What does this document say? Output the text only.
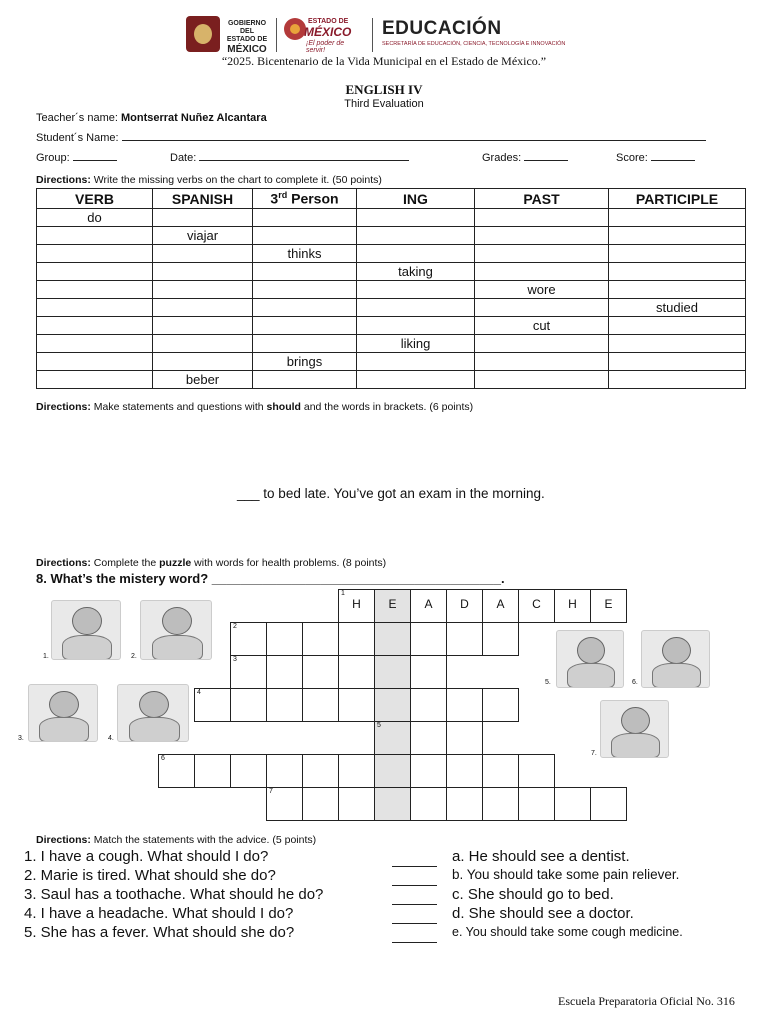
GOBIERNO DEL
ESTADO DE
MÉXICO
ESTADO DE
MÉXICO
¡El poder de servir!
EDUCACIÓN
SECRETARÍA DE EDUCACIÓN, CIENCIA, TECNOLOGÍA E INNOVACIÓN
“2025. Bicentenario de la Vida Municipal en el Estado de México.”
ENGLISH IV
Third Evaluation
Teacher´s name: Montserrat Nuñez Alcantara
Student´s Name:
Group:	Date:	Grades:	Score:
Directions: Write the missing verbs on the chart to complete it. (50 points)
VERB	SPANISH	3rd Person	ING	PAST	PARTICIPLE
do					
	viajar				
		thinks			
			taking		
				wore	
					studied
				cut	
			liking		
		brings			
	beber				
Directions: Make statements and questions with should and the words in brackets. (6 points)
___ to bed late. You’ve got an exam in the morning.
Directions: Complete the puzzle with words for health problems. (8 points)
8. What’s the mistery word? ________________________________________.
1
H	E	A	D	A	C	H	E
2
3
4
5
6
7
1.	2.
3.	4.
5.	6.
7.
Directions: Match the statements with the advice. (5 points)
1. I have a cough. What should I do?
2. Marie is tired. What should she do?
3. Saul has a toothache. What should he do?
4. I have a headache. What should I do?
5. She has a fever. What should she do?
a. He should see a dentist.
b. You should take some pain reliever.
c. She should go to bed.
d. She should see a doctor.
e. You should take some cough medicine.
Escuela Preparatoria Oficial No. 316
